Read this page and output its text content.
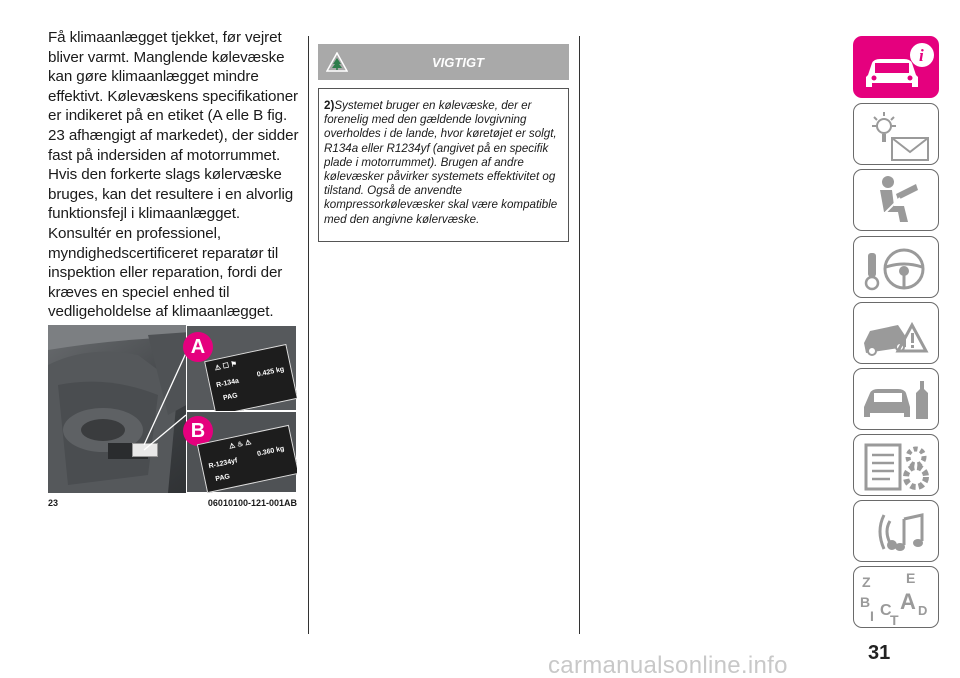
Få klimaanlægget tjekket, før vejret bliver varmt. Manglende kølevæske kan gøre klimaanlægget mindre effektivt. Kølevæskens specifikationer er indikeret på en etiket (A elle B fig. 23 afhængigt af markedet), der sidder fast på indersiden af motorrummet. Hvis den forkerte slags kølervæske bruges, kan det resultere i en alvorlig funktionsfejl i klimaanlægget. Konsultér en professionel, myndighedscertificeret reparatør til inspektion eller reparation, fordi der kræves en speciel enhed til vedligeholdelse af klimaanlægget.

A
⚠ ☐ ⚑
R-134a
0.425 kg
PAG
B
⚠ ♨ ⚠
R-1234yf
0.360 kg
PAG
23	06010100-121-001AB
VIGTIGT

2)Systemet bruger en kølevæske, der er forenelig med den gældende lovgivning overholdes i de lande, hvor køretøjet er solgt, R134a eller R1234yf (angivet på en specifik plade i motorrummet). Brugen af andre kølevæsker påvirker systemets effektivitet og tilstand. Også de anvendte kompressorkølevæsker skal være kompatible med den angivne kølervæske.

i
Z	E
B A D
I C
T
31
carmanualsonline.info
